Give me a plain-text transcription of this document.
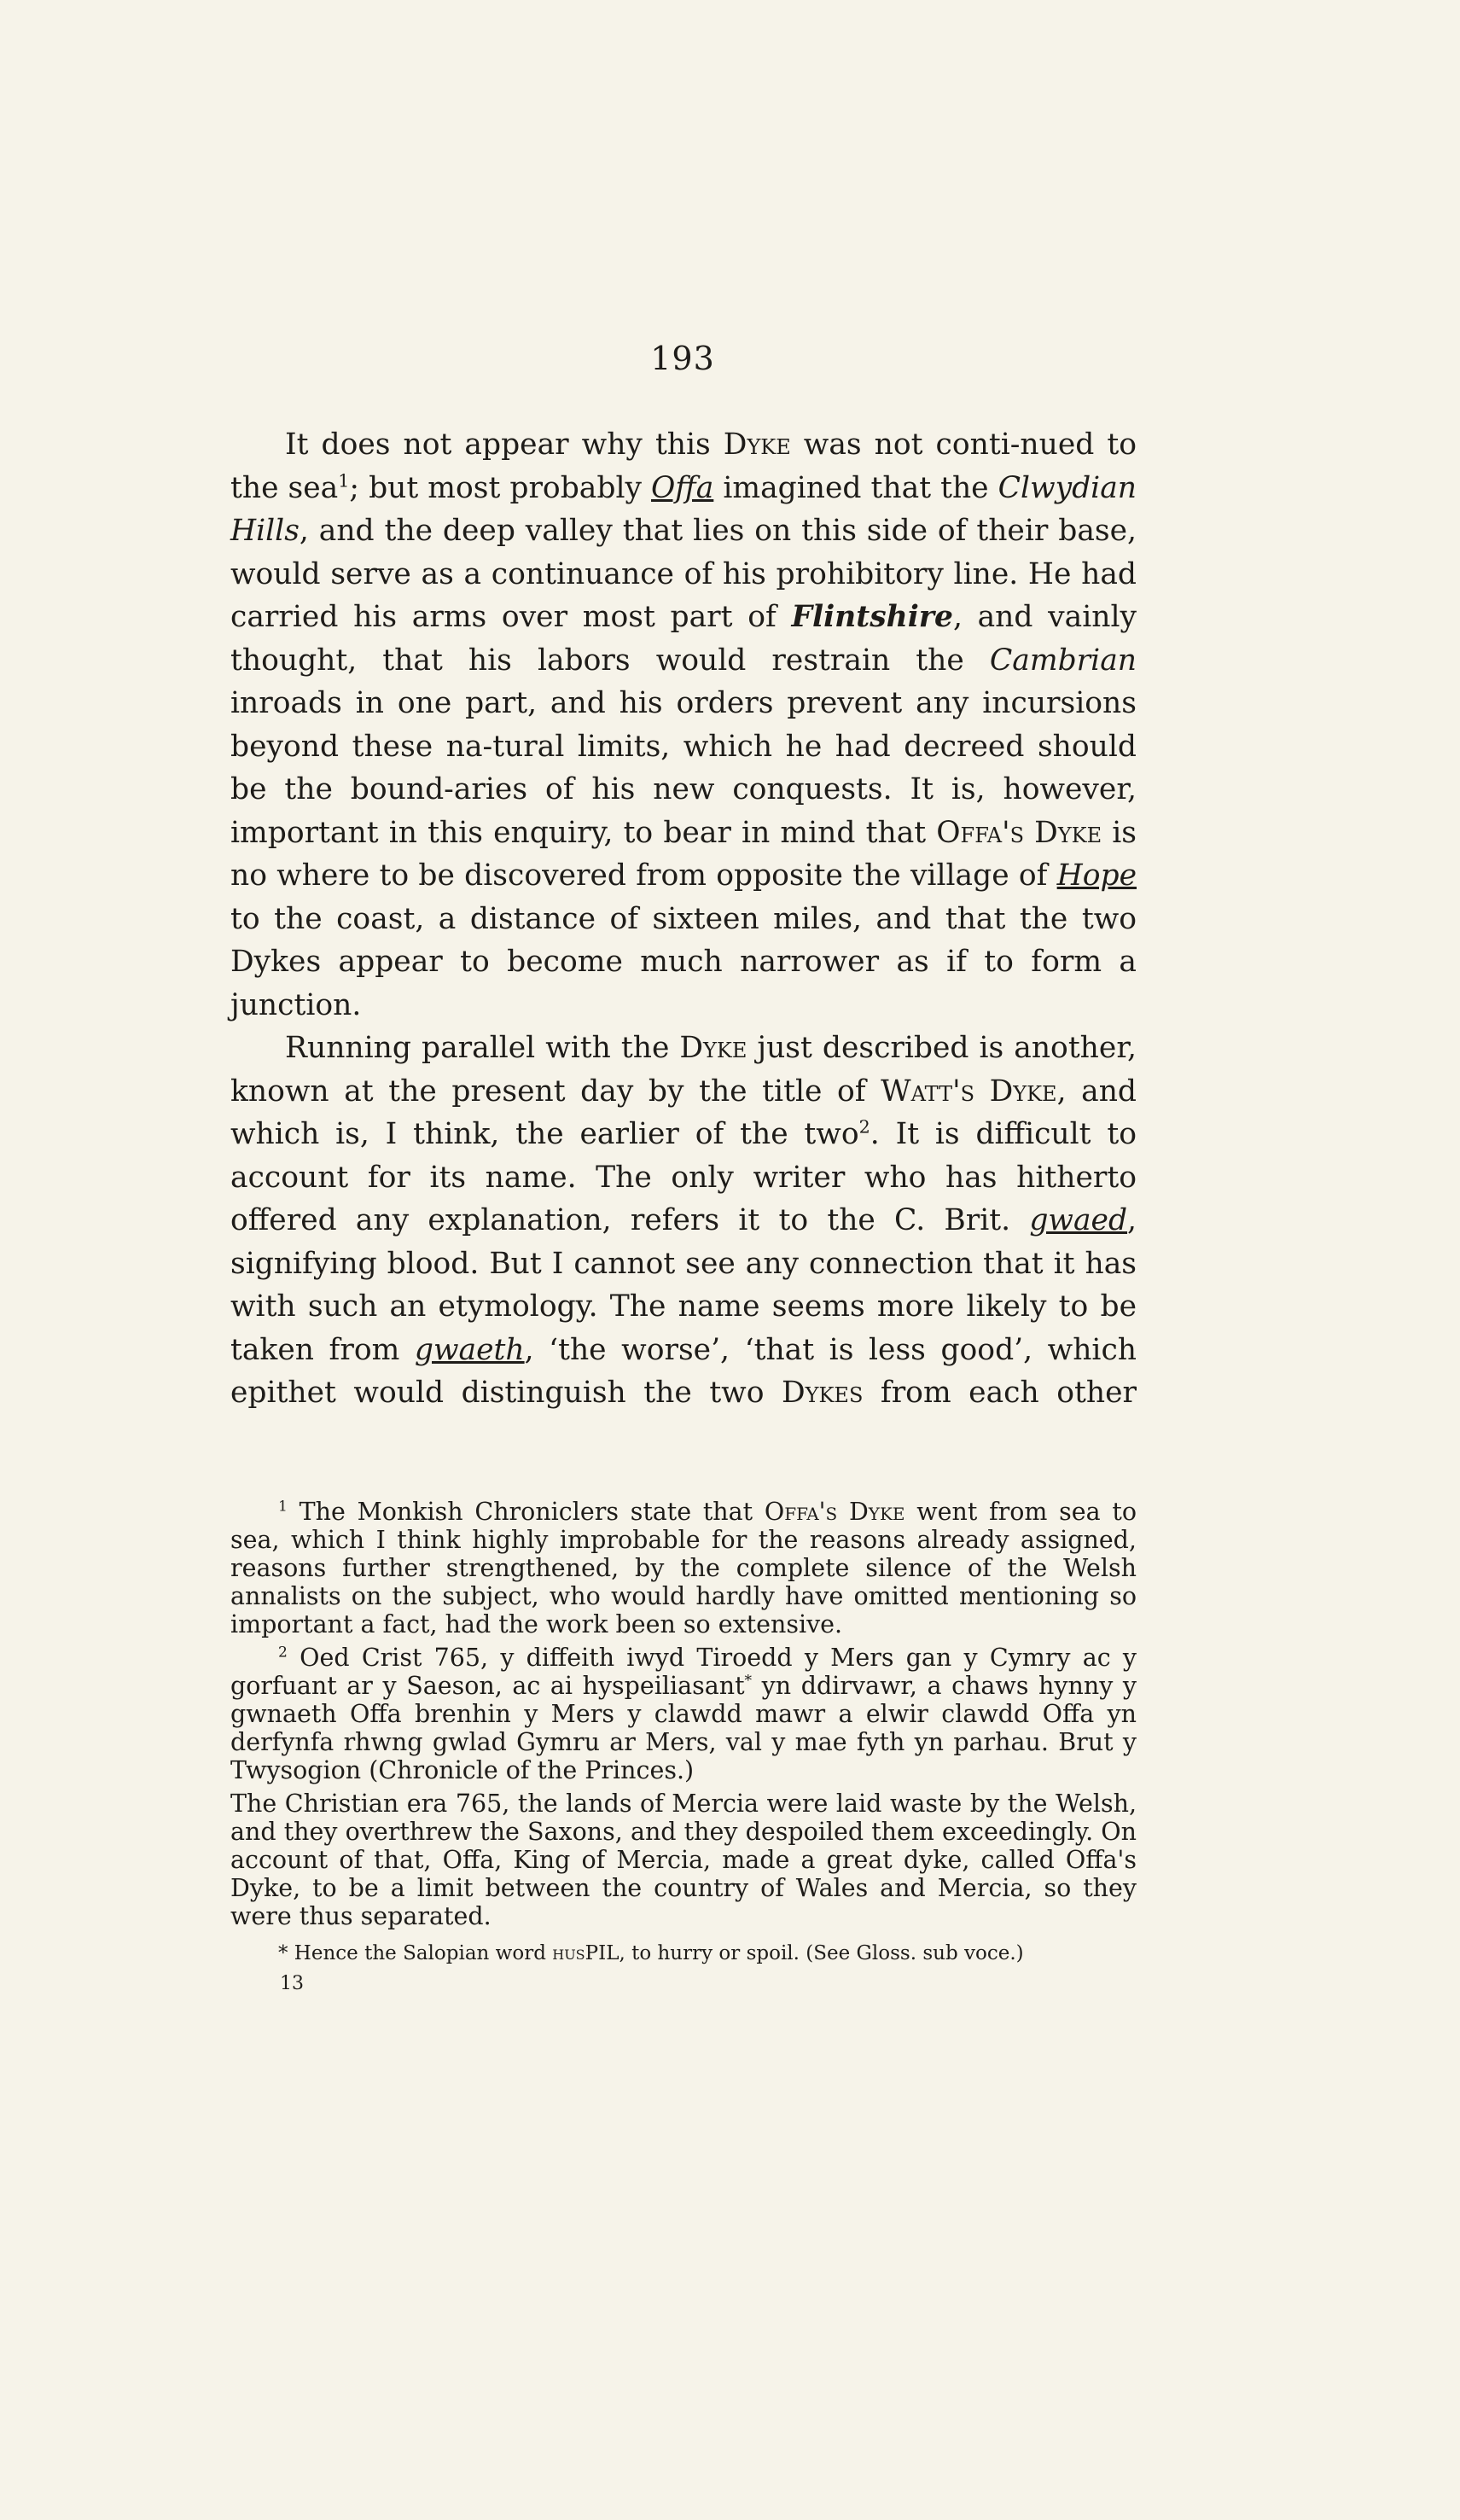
193

It does not appear why this Dyke was not conti-nued to the sea$^1$; but most probably Offa imagined that the Clwydian Hills, and the deep valley that lies on this side of their base, would serve as a continuance of his prohibitory line. He had carried his arms over most part of Flintshire, and vainly thought, that his labors would restrain the Cambrian inroads in one part, and his orders prevent any incursions beyond these na-tural limits, which he had decreed should be the bound-aries of his new conquests. It is, however, important in this enquiry, to bear in mind that Offa's Dyke is no where to be discovered from opposite the village of Hope to the coast, a distance of sixteen miles, and that the two Dykes appear to become much narrower as if to form a junction.

Running parallel with the Dyke just described is another, known at the present day by the title of Watt's Dyke, and which is, I think, the earlier of the two$^2$. It is difficult to account for its name. The only writer who has hitherto offered any explanation, refers it to the C. Brit. gwaed, signifying blood. But I cannot see any connection that it has with such an etymology. The name seems more likely to be taken from gwaeth, ‘the worse’, ‘that is less good’, which epithet would distinguish the two Dykes from each other

$^1$ The Monkish Chroniclers state that Offa's Dyke went from sea to sea, which I think highly improbable for the reasons already assigned, reasons further strengthened, by the complete silence of the Welsh annalists on the subject, who would hardly have omitted mentioning so important a fact, had the work been so extensive.

$^2$ Oed Crist 765, y diffeith iwyd Tiroedd y Mers gan y Cymry ac y gorfuant ar y Saeson, ac ai hyspeiliasant* yn ddirvawr, a chaws hynny y gwnaeth Offa brenhin y Mers y clawdd mawr a elwir clawdd Offa yn derfynfa rhwng gwlad Gymru ar Mers, val y mae fyth yn parhau. Brut y Twysogion (Chronicle of the Princes.)

The Christian era 765, the lands of Mercia were laid waste by the Welsh, and they overthrew the Saxons, and they despoiled them exceedingly. On account of that, Offa, King of Mercia, made a great dyke, called Offa's Dyke, to be a limit between the country of Wales and Mercia, so they were thus separated.

* Hence the Salopian word husPIL, to hurry or spoil. (See Gloss. sub voce.)

13
